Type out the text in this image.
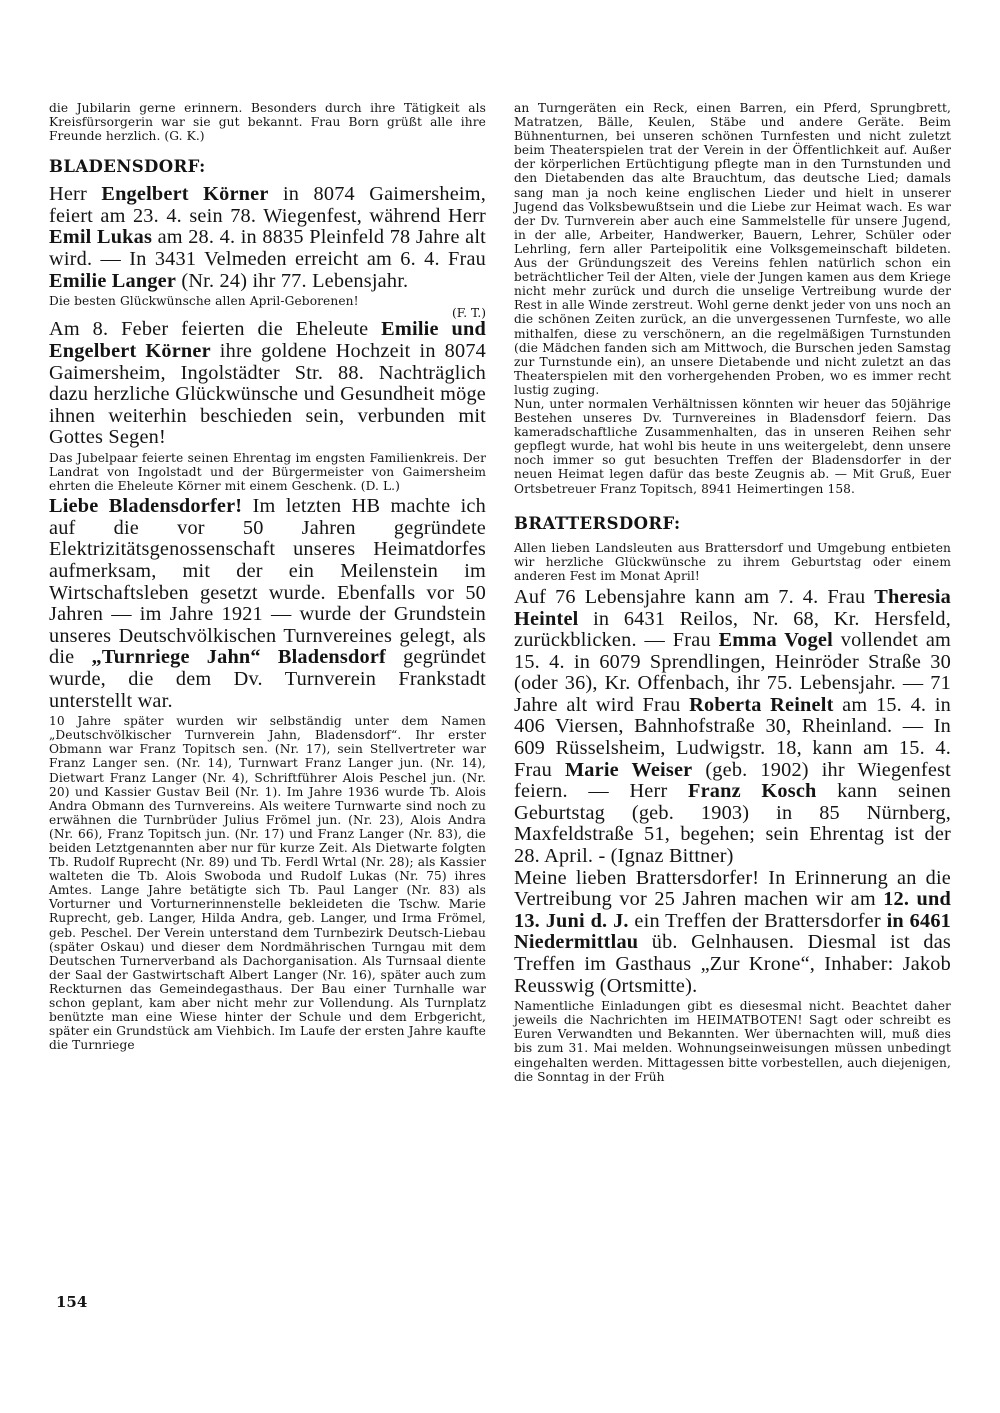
die Jubilarin gerne erinnern. Besonders durch ihre Tätigkeit als Kreisfürsorgerin war sie gut bekannt. Frau Born grüßt alle ihre Freunde herzlich. (G. K.)

BLADENSDORF:

Herr Engelbert Körner in 8074 Gaimersheim, feiert am 23. 4. sein 78. Wiegenfest, während Herr Emil Lukas am 28. 4. in 8835 Pleinfeld 78 Jahre alt wird. — In 3431 Velmeden erreicht am 6. 4. Frau Emilie Langer (Nr. 24) ihr 77. Lebensjahr.

Die besten Glückwünsche allen April-Geborenen!

(F. T.)

Am 8. Feber feierten die Eheleute Emilie und Engelbert Körner ihre goldene Hochzeit in 8074 Gaimersheim, Ingolstädter Str. 88. Nachträglich dazu herzliche Glückwünsche und Gesundheit möge ihnen weiterhin beschieden sein, verbunden mit Gottes Segen!

Das Jubelpaar feierte seinen Ehrentag im engsten Familienkreis. Der Landrat von Ingolstadt und der Bürgermeister von Gaimersheim ehrten die Eheleute Körner mit einem Geschenk. (D. L.)

Liebe Bladensdorfer! Im letzten HB machte ich auf die vor 50 Jahren gegründete Elektrizitätsgenossenschaft unseres Heimatdorfes aufmerksam, mit der ein Meilenstein im Wirtschaftsleben gesetzt wurde. Ebenfalls vor 50 Jahren — im Jahre 1921 — wurde der Grundstein unseres Deutschvölkischen Turnvereines gelegt, als die „Turnriege Jahn“ Bladensdorf gegründet wurde, die dem Dv. Turnverein Frankstadt unterstellt war.

10 Jahre später wurden wir selbständig unter dem Namen „Deutschvölkischer Turnverein Jahn, Bladensdorf“. Ihr erster Obmann war Franz Topitsch sen. (Nr. 17), sein Stellvertreter war Franz Langer sen. (Nr. 14), Turnwart Franz Langer jun. (Nr. 14), Dietwart Franz Langer (Nr. 4), Schriftführer Alois Peschel jun. (Nr. 20) und Kassier Gustav Beil (Nr. 1). Im Jahre 1936 wurde Tb. Alois Andra Obmann des Turnvereins. Als weitere Turnwarte sind noch zu erwähnen die Turnbrüder Julius Frömel jun. (Nr. 23), Alois Andra (Nr. 66), Franz Topitsch jun. (Nr. 17) und Franz Langer (Nr. 83), die beiden Letztgenannten aber nur für kurze Zeit. Als Dietwarte folgten Tb. Rudolf Ruprecht (Nr. 89) und Tb. Ferdl Wrtal (Nr. 28); als Kassier walteten die Tb. Alois Swoboda und Rudolf Lukas (Nr. 75) ihres Amtes. Lange Jahre betätigte sich Tb. Paul Langer (Nr. 83) als Vorturner und Vorturnerinnenstelle bekleideten die Tschw. Marie Ruprecht, geb. Langer, Hilda Andra, geb. Langer, und Irma Frömel, geb. Peschel. Der Verein unterstand dem Turnbezirk Deutsch-Liebau (später Oskau) und dieser dem Nordmährischen Turngau mit dem Deutschen Turnerverband als Dachorganisation. Als Turnsaal diente der Saal der Gastwirtschaft Albert Langer (Nr. 16), später auch zum Reckturnen das Gemeindegasthaus. Der Bau einer Turnhalle war schon geplant, kam aber nicht mehr zur Vollendung. Als Turnplatz benützte man eine Wiese hinter der Schule und dem Erbgericht, später ein Grundstück am Viehbich. Im Laufe der ersten Jahre kaufte die Turnriege

an Turngeräten ein Reck, einen Barren, ein Pferd, Sprungbrett, Matratzen, Bälle, Keulen, Stäbe und andere Geräte. Beim Bühnenturnen, bei unseren schönen Turnfesten und nicht zuletzt beim Theaterspielen trat der Verein in der Öffentlichkeit auf. Außer der körperlichen Ertüchtigung pflegte man in den Turnstunden und den Dietabenden das alte Brauchtum, das deutsche Lied; damals sang man ja noch keine englischen Lieder und hielt in unserer Jugend das Volksbewußtsein und die Liebe zur Heimat wach. Es war der Dv. Turnverein aber auch eine Sammelstelle für unsere Jugend, in der alle, Arbeiter, Handwerker, Bauern, Lehrer, Schüler oder Lehrling, fern aller Parteipolitik eine Volksgemeinschaft bildeten. Aus der Gründungszeit des Vereins fehlen natürlich schon ein beträchtlicher Teil der Alten, viele der Jungen kamen aus dem Kriege nicht mehr zurück und durch die unselige Vertreibung wurde der Rest in alle Winde zerstreut. Wohl gerne denkt jeder von uns noch an die schönen Zeiten zurück, an die unvergessenen Turnfeste, wo alle mithalfen, diese zu verschönern, an die regelmäßigen Turnstunden (die Mädchen fanden sich am Mittwoch, die Burschen jeden Samstag zur Turnstunde ein), an unsere Dietabende und nicht zuletzt an das Theaterspielen mit den vorhergehenden Proben, wo es immer recht lustig zuging.

Nun, unter normalen Verhältnissen könnten wir heuer das 50jährige Bestehen unseres Dv. Turnvereines in Bladensdorf feiern. Das kameradschaftliche Zusammenhalten, das in unseren Reihen sehr gepflegt wurde, hat wohl bis heute in uns weitergelebt, denn unsere noch immer so gut besuchten Treffen der Bladensdorfer in der neuen Heimat legen dafür das beste Zeugnis ab. — Mit Gruß, Euer Ortsbetreuer Franz Topitsch, 8941 Heimertingen 158.

BRATTERSDORF:

Allen lieben Landsleuten aus Brattersdorf und Umgebung entbieten wir herzliche Glückwünsche zu ihrem Geburtstag oder einem anderen Fest im Monat April!

Auf 76 Lebensjahre kann am 7. 4. Frau Theresia Heintel in 6431 Reilos, Nr. 68, Kr. Hersfeld, zurückblicken. — Frau Emma Vogel vollendet am 15. 4. in 6079 Sprendlingen, Heinröder Straße 30 (oder 36), Kr. Offenbach, ihr 75. Lebensjahr. — 71 Jahre alt wird Frau Roberta Reinelt am 15. 4. in 406 Viersen, Bahnhofstraße 30, Rheinland. — In 609 Rüsselsheim, Ludwigstr. 18, kann am 15. 4. Frau Marie Weiser (geb. 1902) ihr Wiegenfest feiern. — Herr Franz Kosch kann seinen Geburtstag (geb. 1903) in 85 Nürnberg, Maxfeldstraße 51, begehen; sein Ehrentag ist der 28. April. - (Ignaz Bittner)

Meine lieben Brattersdorfer! In Erinnerung an die Vertreibung vor 25 Jahren machen wir am 12. und 13. Juni d. J. ein Treffen der Brattersdorfer in 6461 Niedermittlau üb. Gelnhausen. Diesmal ist das Treffen im Gasthaus „Zur Krone“, Inhaber: Jakob Reusswig (Ortsmitte).

Namentliche Einladungen gibt es diesesmal nicht. Beachtet daher jeweils die Nachrichten im HEIMATBOTEN! Sagt oder schreibt es Euren Verwandten und Bekannten. Wer übernachten will, muß dies bis zum 31. Mai melden. Wohnungseinweisungen müssen unbedingt eingehalten werden. Mittagessen bitte vorbestellen, auch diejenigen, die Sonntag in der Früh

154
